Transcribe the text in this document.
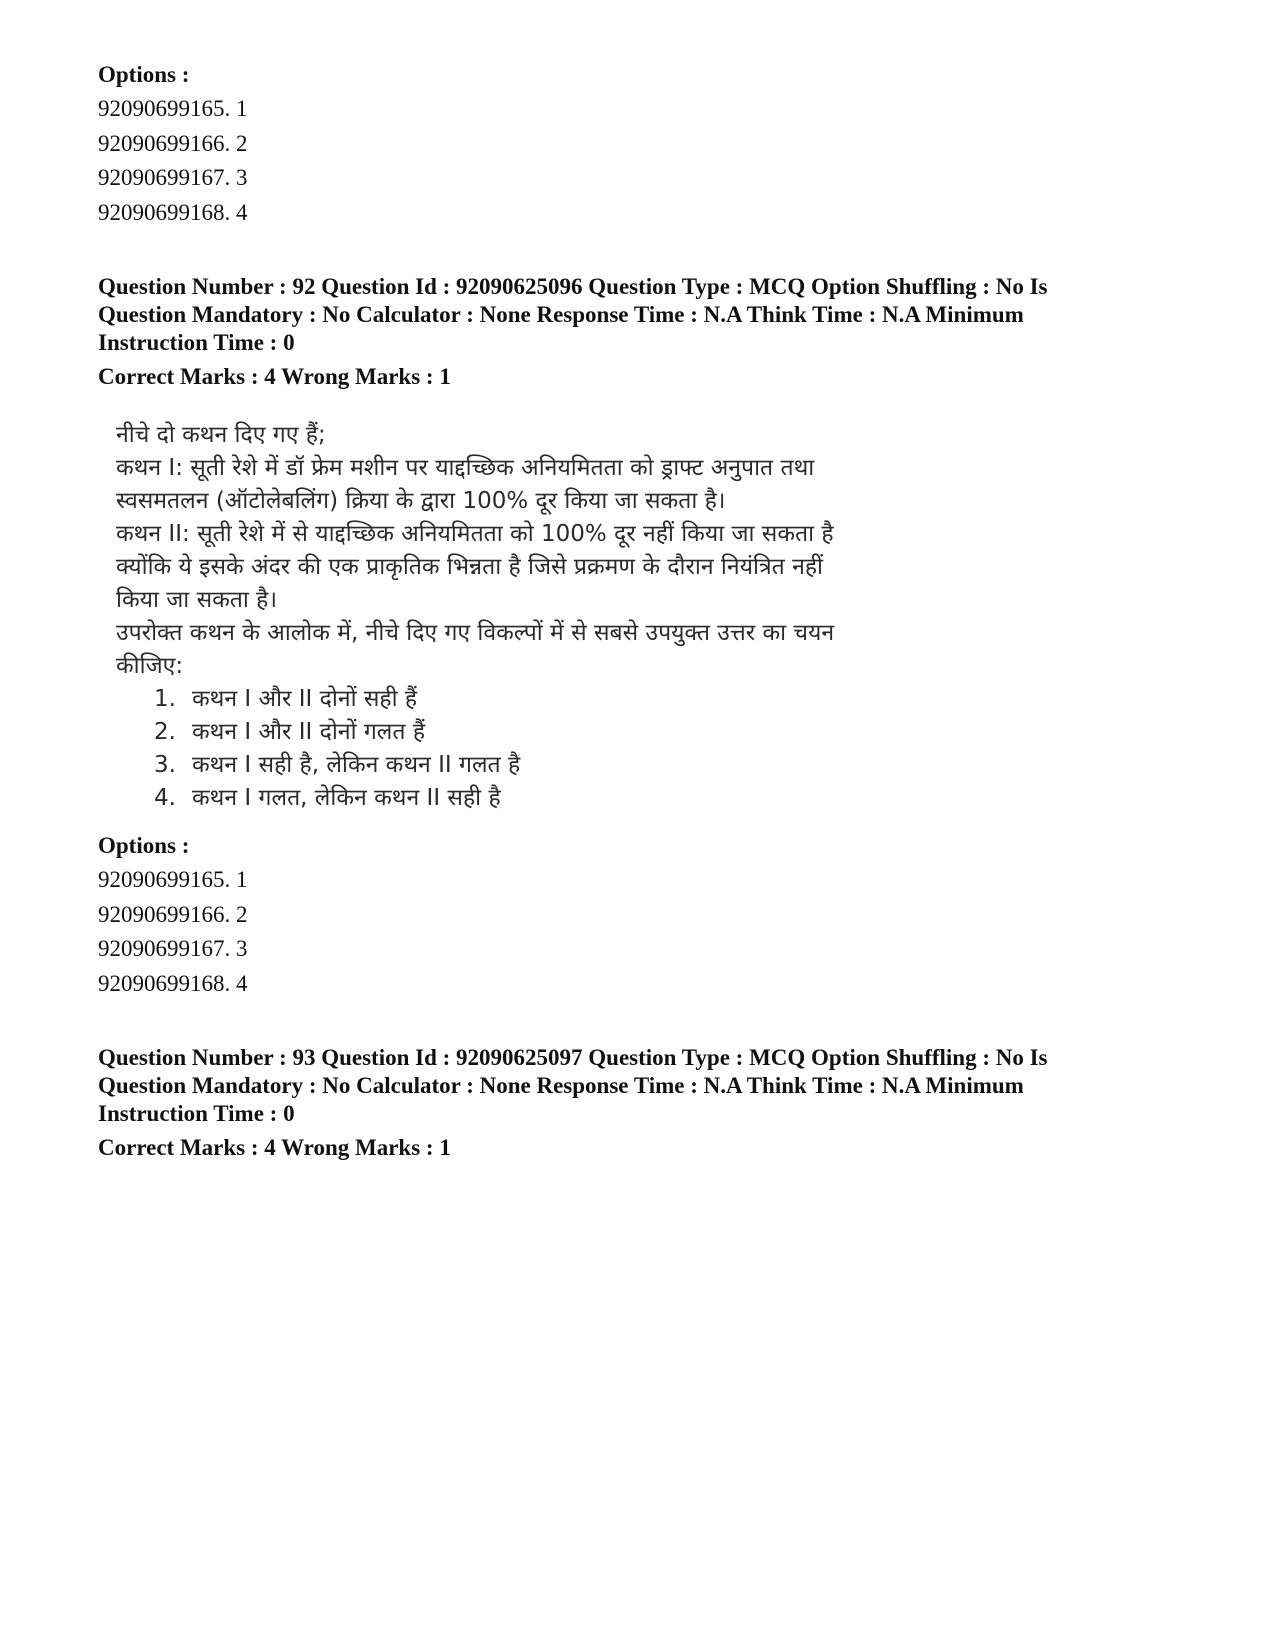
Options :

92090699165. 1
92090699166. 2
92090699167. 3
92090699168. 4

Question Number : 92 Question Id : 92090625096 Question Type : MCQ Option Shuffling : No Is

Question Mandatory : No Calculator : None Response Time : N.A Think Time : N.A Minimum

Instruction Time : 0

Correct Marks : 4 Wrong Marks : 1

नीचे दो कथन दिए गए हैं;

कथन I: सूती रेशे में डॉ फ्रेम मशीन पर याद्दच्छिक अनियमितता को ड्राफ्ट अनुपात तथा

स्वसमतलन (ऑटोलेबलिंग) क्रिया के द्वारा 100% दूर किया जा सकता है।

कथन II: सूती रेशे में से याद्दच्छिक अनियमितता को 100% दूर नहीं किया जा सकता है

क्योंकि ये इसके अंदर की एक प्राकृतिक भिन्नता है जिसे प्रक्रमण के दौरान नियंत्रित नहीं

किया जा सकता है।

उपरोक्त कथन के आलोक में, नीचे दिए गए विकल्पों में से सबसे उपयुक्त उत्तर का चयन

कीजिए:

1. कथन I और II दोनों सही हैं
2. कथन I और II दोनों गलत हैं
3. कथन I सही है, लेकिन कथन II गलत है
4. कथन I गलत, लेकिन कथन II सही है

Options :

92090699165. 1
92090699166. 2
92090699167. 3
92090699168. 4

Question Number : 93 Question Id : 92090625097 Question Type : MCQ Option Shuffling : No Is

Question Mandatory : No Calculator : None Response Time : N.A Think Time : N.A Minimum

Instruction Time : 0

Correct Marks : 4 Wrong Marks : 1
